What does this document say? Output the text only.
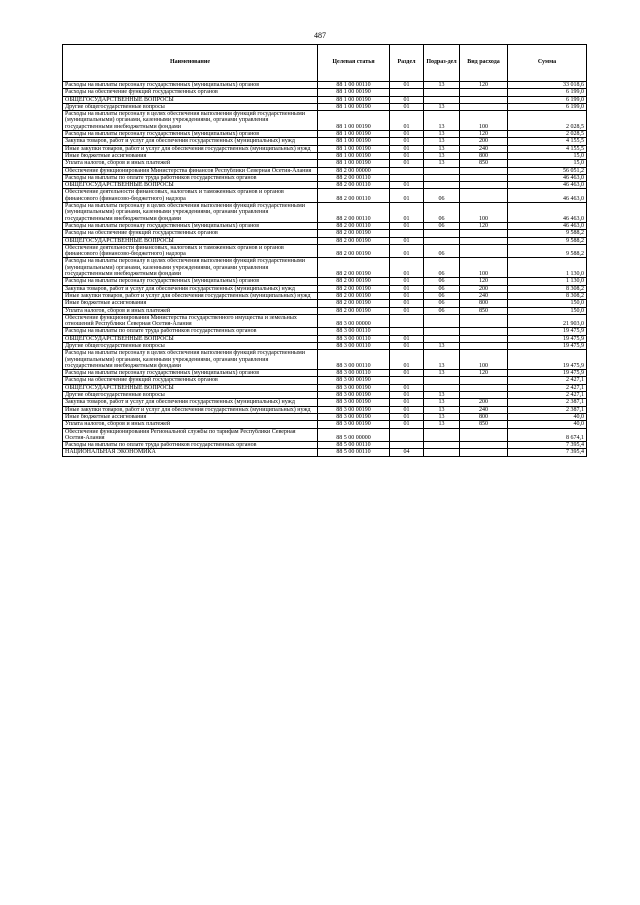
487
Наименование	Целевая статья	Раздел	Подраз-дел	Вид расхода	Сумма
Расходы на выплаты персоналу государственных (муниципальных) органов	88 1 00 00110	01	13	120	33 018,6
Расходы на обеспечение функций государственных органов	88 1 00 00190				6 199,0
ОБЩЕГОСУДАРСТВЕННЫЕ ВОПРОСЫ	88 1 00 00190	01			6 199,0
Другие общегосударственные вопросы	88 1 00 00190	01	13		6 199,0
Расходы на выплаты персоналу в целях обеспечения выполнения функций государственными (муниципальными) органами, казенными учреждениями, органами управления государственными внебюджетными фондами	88 1 00 00190	01	13	100	2 028,5
Расходы на выплаты персоналу государственных (муниципальных) органов	88 1 00 00190	01	13	120	2 028,5
Закупка товаров, работ и услуг для обеспечения государственных (муниципальных) нужд	88 1 00 00190	01	13	200	4 155,5
Иные закупки товаров, работ и услуг для обеспечения государственных (муниципальных) нужд	88 1 00 00190	01	13	240	4 155,5
Иные бюджетные ассигнования	88 1 00 00190	01	13	800	15,0
Уплата налогов, сборов и иных платежей	88 1 00 00190	01	13	850	15,0
Обеспечение функционирования Министерства финансов Республики Северная Осетия-Алания	88 2 00 00000				56 051,2
Расходы на выплаты по оплате труда работников государственных органов	88 2 00 00110				46 463,0
ОБЩЕГОСУДАРСТВЕННЫЕ ВОПРОСЫ	88 2 00 00110	01			46 463,0
Обеспечение деятельности финансовых, налоговых и таможенных органов и органов финансового (финансово-бюджетного) надзора	88 2 00 00110	01	06		46 463,0
Расходы на выплаты персоналу в целях обеспечения выполнения функций государственными (муниципальными) органами, казенными учреждениями, органами управления государственными внебюджетными фондами	88 2 00 00110	01	06	100	46 463,0
Расходы на выплаты персоналу государственных (муниципальных) органов	88 2 00 00110	01	06	120	46 463,0
Расходы на обеспечение функций государственных органов	88 2 00 00190				9 588,2
ОБЩЕГОСУДАРСТВЕННЫЕ ВОПРОСЫ	88 2 00 00190	01			9 588,2
Обеспечение деятельности финансовых, налоговых и таможенных органов и органов финансового (финансово-бюджетного) надзора	88 2 00 00190	01	06		9 588,2
Расходы на выплаты персоналу в целях обеспечения выполнения функций государственными (муниципальными) органами, казенными учреждениями, органами управления государственными внебюджетными фондами	88 2 00 00190	01	06	100	1 130,0
Расходы на выплаты персоналу государственных (муниципальных) органов	88 2 00 00190	01	06	120	1 130,0
Закупка товаров, работ и услуг для обеспечения государственных (муниципальных) нужд	88 2 00 00190	01	06	200	8 308,2
Иные закупки товаров, работ и услуг для обеспечения государственных (муниципальных) нужд	88 2 00 00190	01	06	240	8 308,2
Иные бюджетные ассигнования	88 2 00 00190	01	06	800	150,0
Уплата налогов, сборов и иных платежей	88 2 00 00190	01	06	850	150,0
Обеспечение функционирования Министерства государственного имущества и земельных отношений Республики Северная Осетия-Алания	88 3 00 00000				21 903,0
Расходы на выплаты по оплате труда работников государственных органов	88 3 00 00110				19 475,9
ОБЩЕГОСУДАРСТВЕННЫЕ ВОПРОСЫ	88 3 00 00110	01			19 475,9
Другие общегосударственные вопросы	88 3 00 00110	01	13		19 475,9
Расходы на выплаты персоналу в целях обеспечения выполнения функций государственными (муниципальными) органами, казенными учреждениями, органами управления государственными внебюджетными фондами	88 3 00 00110	01	13	100	19 475,9
Расходы на выплаты персоналу государственных (муниципальных) органов	88 3 00 00110	01	13	120	19 475,9
Расходы на обеспечение функций государственных органов	88 3 00 00190				2 427,1
ОБЩЕГОСУДАРСТВЕННЫЕ ВОПРОСЫ	88 3 00 00190	01			2 427,1
Другие общегосударственные вопросы	88 3 00 00190	01	13		2 427,1
Закупка товаров, работ и услуг для обеспечения государственных (муниципальных) нужд	88 3 00 00190	01	13	200	2 387,1
Иные закупки товаров, работ и услуг для обеспечения государственных (муниципальных) нужд	88 3 00 00190	01	13	240	2 387,1
Иные бюджетные ассигнования	88 3 00 00190	01	13	800	40,0
Уплата налогов, сборов и иных платежей	88 3 00 00190	01	13	850	40,0
Обеспечение функционирования Региональной службы по тарифам Республики Северная Осетия-Алания	88 5 00 00000				8 674,1
Расходы на выплаты по оплате труда работников государственных органов	88 5 00 00110				7 395,4
НАЦИОНАЛЬНАЯ ЭКОНОМИКА	88 5 00 00110	04			7 395,4
